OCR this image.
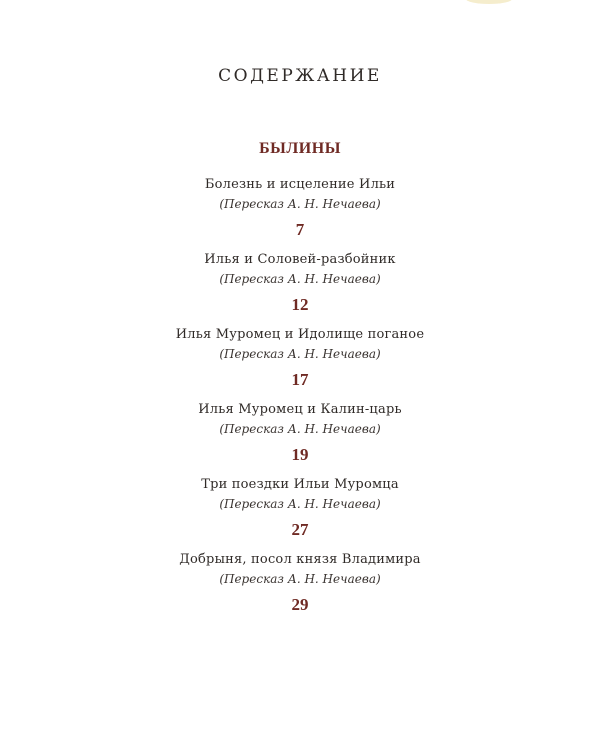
СОДЕРЖАНИЕ
БЫЛИНЫ
Болезнь и исцеление Ильи
(Пересказ А. Н. Нечаева)
7
Илья и Соловей-разбойник
(Пересказ А. Н. Нечаева)
12
Илья Муромец и Идолище поганое
(Пересказ А. Н. Нечаева)
17
Илья Муромец и Калин-царь
(Пересказ А. Н. Нечаева)
19
Три поездки Ильи Муромца
(Пересказ А. Н. Нечаева)
27
Добрыня, посол князя Владимира
(Пересказ А. Н. Нечаева)
29
